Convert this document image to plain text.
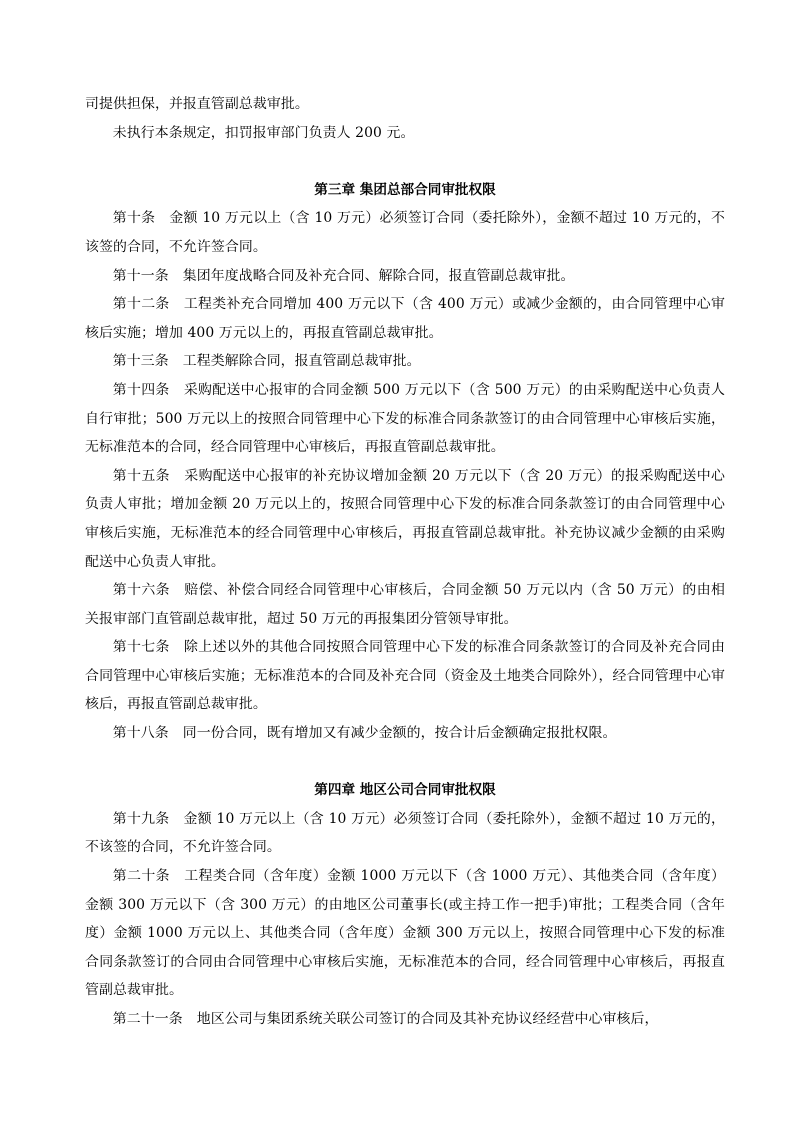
司提供担保，并报直管副总裁审批。

未执行本条规定，扣罚报审部门负责人 200 元。

第三章 集团总部合同审批权限

第十条　金额 10 万元以上（含 10 万元）必须签订合同（委托除外），金额不超过 10 万元的，不该签的合同，不允许签合同。

第十一条　集团年度战略合同及补充合同、解除合同，报直管副总裁审批。

第十二条　工程类补充合同增加 400 万元以下（含 400 万元）或减少金额的，由合同管理中心审核后实施；增加 400 万元以上的，再报直管副总裁审批。

第十三条　工程类解除合同，报直管副总裁审批。

第十四条　采购配送中心报审的合同金额 500 万元以下（含 500 万元）的由采购配送中心负责人自行审批；500 万元以上的按照合同管理中心下发的标准合同条款签订的由合同管理中心审核后实施，无标准范本的合同，经合同管理中心审核后，再报直管副总裁审批。

第十五条　采购配送中心报审的补充协议增加金额 20 万元以下（含 20 万元）的报采购配送中心负责人审批；增加金额 20 万元以上的，按照合同管理中心下发的标准合同条款签订的由合同管理中心审核后实施，无标准范本的经合同管理中心审核后，再报直管副总裁审批。补充协议减少金额的由采购配送中心负责人审批。

第十六条　赔偿、补偿合同经合同管理中心审核后，合同金额 50 万元以内（含 50 万元）的由相关报审部门直管副总裁审批，超过 50 万元的再报集团分管领导审批。

第十七条　除上述以外的其他合同按照合同管理中心下发的标准合同条款签订的合同及补充合同由合同管理中心审核后实施；无标准范本的合同及补充合同（资金及土地类合同除外），经合同管理中心审核后，再报直管副总裁审批。

第十八条　同一份合同，既有增加又有减少金额的，按合计后金额确定报批权限。

第四章 地区公司合同审批权限

第十九条　金额 10 万元以上（含 10 万元）必须签订合同（委托除外），金额不超过 10 万元的，不该签的合同，不允许签合同。

第二十条　工程类合同（含年度）金额 1000 万元以下（含 1000 万元）、其他类合同（含年度）金额 300 万元以下（含 300 万元）的由地区公司董事长(或主持工作一把手)审批；工程类合同（含年度）金额 1000 万元以上、其他类合同（含年度）金额 300 万元以上，按照合同管理中心下发的标准合同条款签订的合同由合同管理中心审核后实施，无标准范本的合同，经合同管理中心审核后，再报直管副总裁审批。

第二十一条　地区公司与集团系统关联公司签订的合同及其补充协议经经营中心审核后，
